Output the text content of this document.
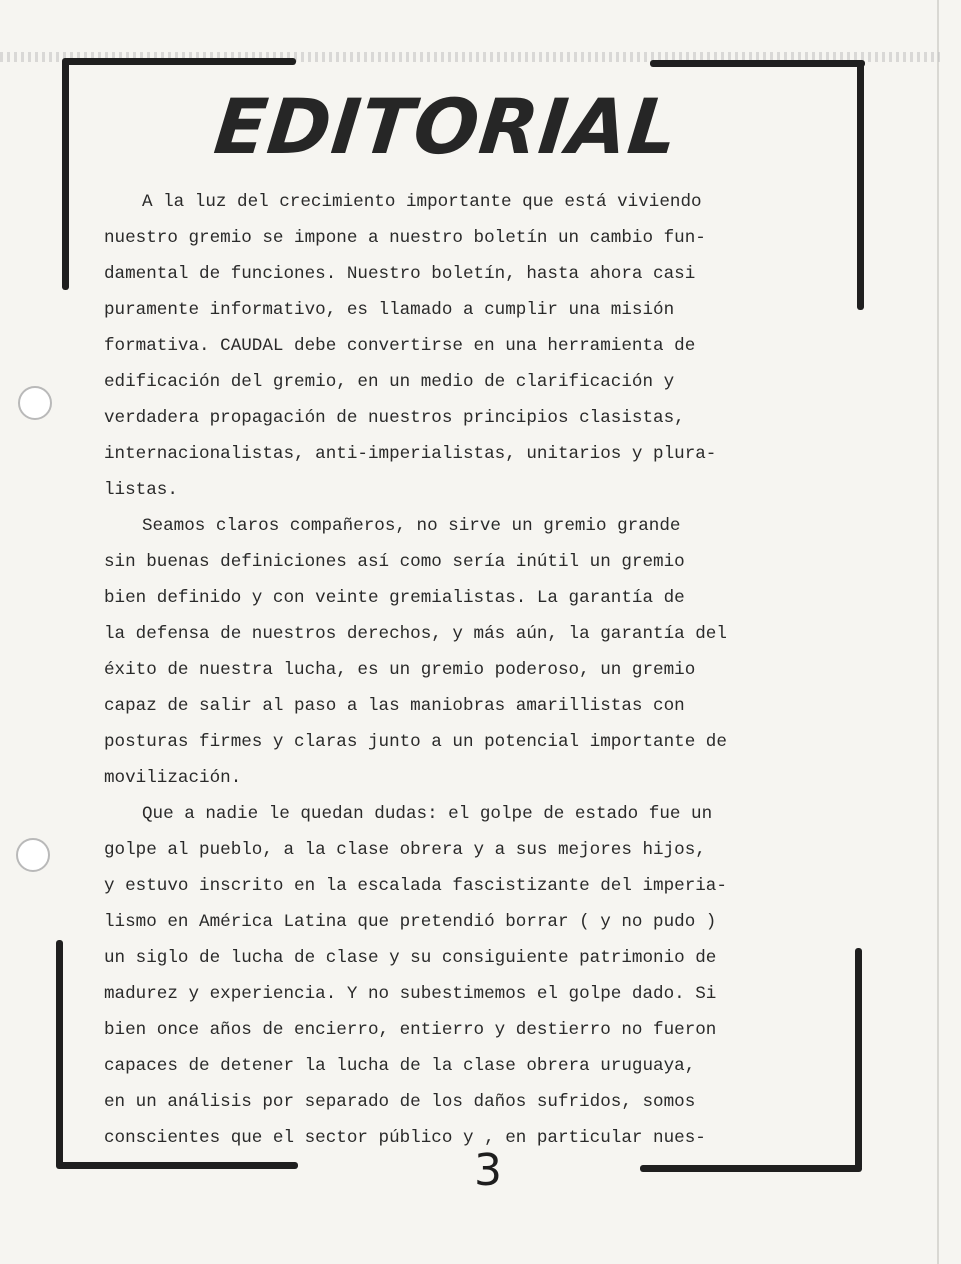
EDITORIAL

A la luz del crecimiento importante que está viviendo
nuestro gremio se impone a nuestro boletín un cambio fun-
damental de funciones. Nuestro boletín, hasta ahora casi
puramente informativo, es llamado a cumplir una misión
formativa. CAUDAL debe convertirse en una herramienta de
edificación del gremio, en un medio de clarificación y
verdadera propagación de nuestros principios clasistas,
internacionalistas, anti-imperialistas, unitarios y plura-
listas.

Seamos claros compañeros, no sirve un gremio grande
sin buenas definiciones así como sería inútil un gremio
bien definido y con veinte gremialistas. La garantía de
la defensa de nuestros derechos, y más aún, la garantía del
éxito de nuestra lucha, es un gremio poderoso, un gremio
capaz de salir al paso a las maniobras amarillistas con
posturas firmes y claras junto a un potencial importante de
movilización.

Que a nadie le quedan dudas: el golpe de estado fue un
golpe al pueblo, a la clase obrera y a sus mejores hijos,
y estuvo inscrito en la escalada fascistizante del imperia-
lismo en América Latina que pretendió borrar ( y no pudo )
un siglo de lucha de clase y su consiguiente patrimonio de
madurez y experiencia. Y no subestimemos el golpe dado. Si
bien once años de encierro, entierro y destierro no fueron
capaces de detener la lucha de la clase obrera uruguaya,
en un análisis por separado de los daños sufridos, somos
conscientes que el sector público y , en particular nues-

3
